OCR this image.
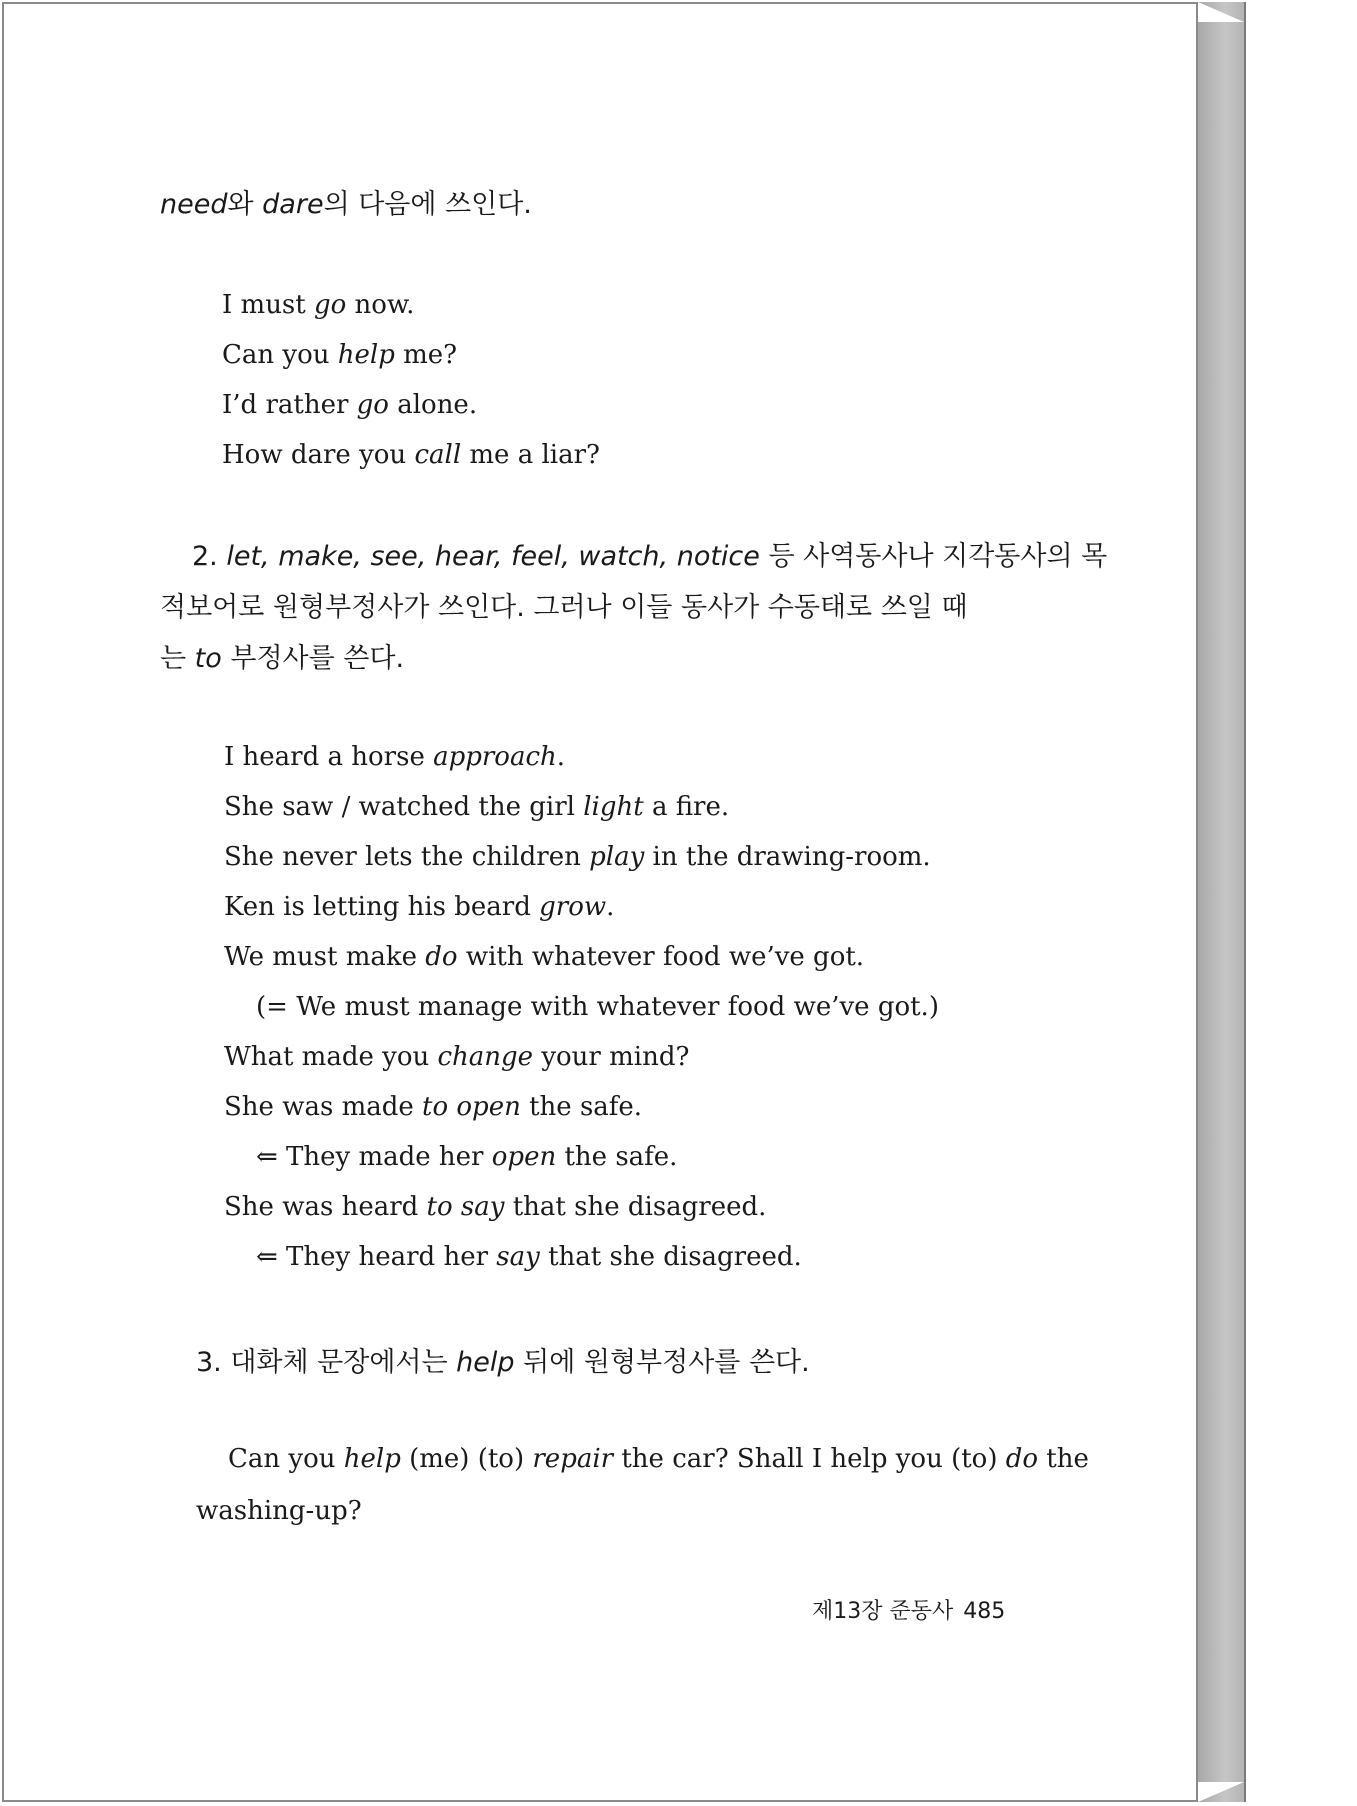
need와 dare의 다음에 쓰인다.
I must go now.
Can you help me?
I’d rather go alone.
How dare you call me a liar?
2. let, make, see, hear, feel, watch, notice 등 사역동사나 지각동사의 목
적보어로 원형부정사가 쓰인다. 그러나 이들 동사가 수동태로 쓰일 때
는 to 부정사를 쓴다.
I heard a horse approach.
She saw / watched the girl light a fire.
She never lets the children play in the drawing-room.
Ken is letting his beard grow.
We must make do with whatever food we’ve got.
(= We must manage with whatever food we’ve got.)
What made you change your mind?
She was made to open the safe.
⇐ They made her open the safe.
She was heard to say that she disagreed.
⇐ They heard her say that she disagreed.
3. 대화체 문장에서는 help 뒤에 원형부정사를 쓴다.
Can you help (me) (to) repair the car? Shall I help you (to) do the
washing-up?
제13장 준동사 485
